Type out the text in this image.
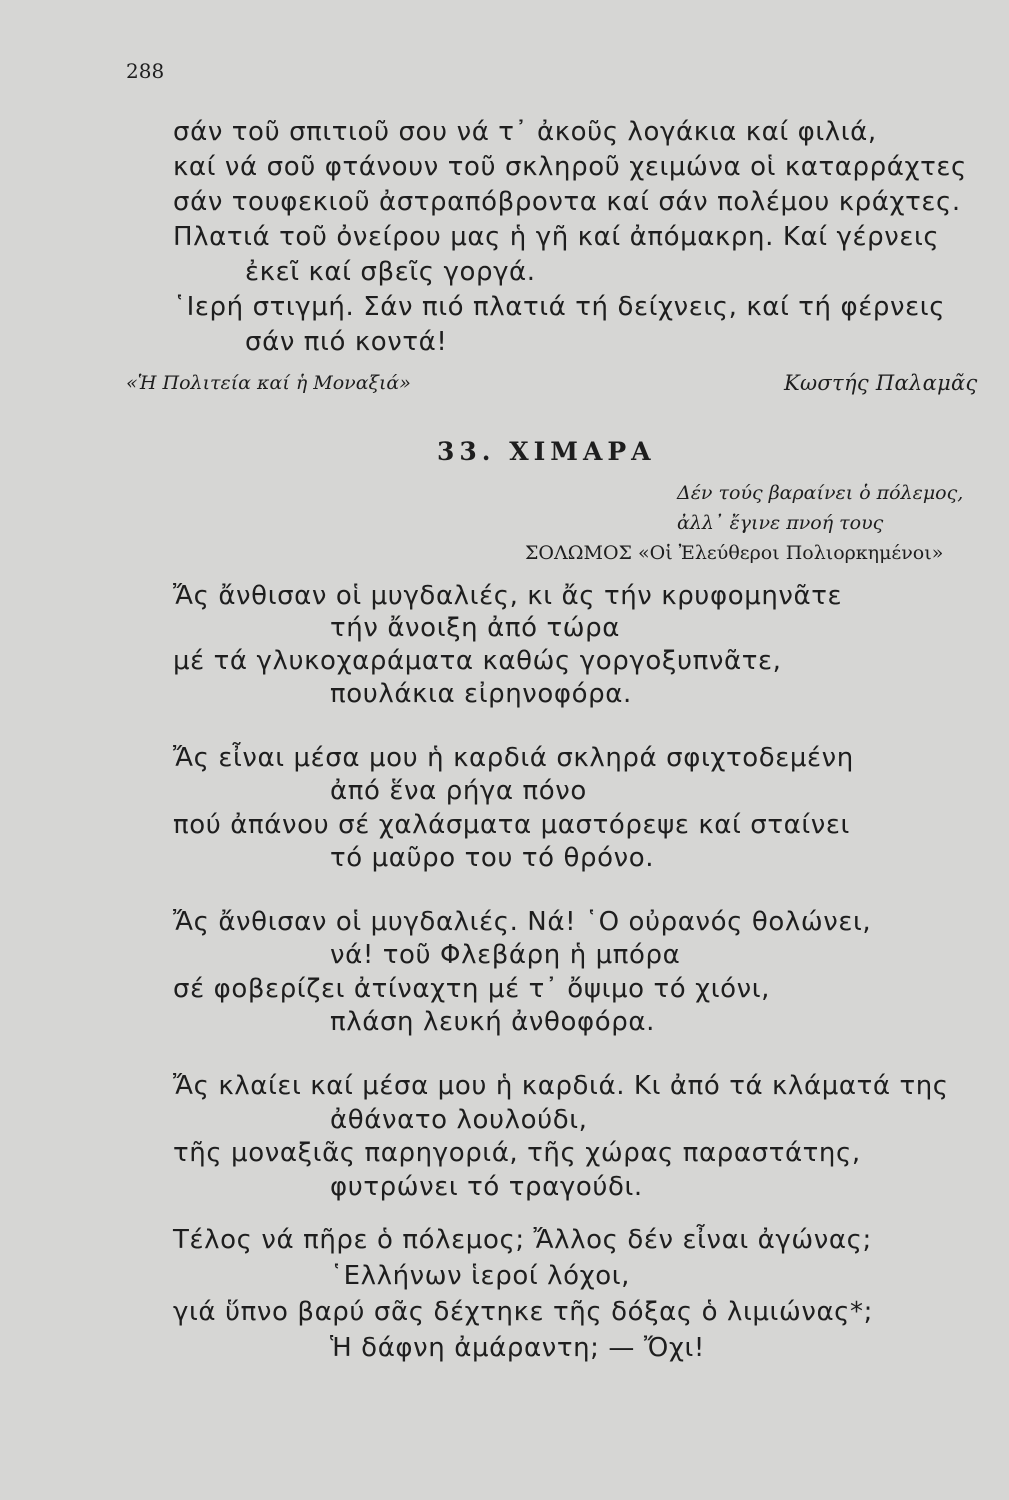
288
σάν τοῦ σπιτιοῦ σου νά τ᾽ ἀκοῦς λογάκια καί φιλιά,
καί νά σοῦ φτάνουν τοῦ σκληροῦ χειμώνα οἱ καταρράχτες
σάν τουφεκιοῦ ἀστραπόβροντα καί σάν πολέμου κράχτες.
Πλατιά τοῦ ὀνείρου μας ἡ γῆ καί ἀπόμακρη. Καί γέρνεις
ἐκεῖ καί σβεῖς γοργά.
῾Ιερή στιγμή. Σάν πιό πλατιά τή δείχνεις, καί τή φέρνεις
σάν πιό κοντά!
«Ἡ Πολιτεία καί ἡ Μοναξιά»	Κωστής Παλαμᾶς
33. ΧΙΜΑΡΑ
Δέν τούς βαραίνει ὁ πόλεμος,
ἀλλ᾽ ἔγινε πνοή τους
ΣΟΛΩΜΟΣ «Οἱ Ἐλεύθεροι Πολιορκημένοι»
Ἄς ἄνθισαν οἱ μυγδαλιές, κι ἄς τήν κρυφομηνᾶτε
τήν ἄνοιξη ἀπό τώρα
μέ τά γλυκοχαράματα καθώς γοργοξυπνᾶτε,
πουλάκια εἰρηνοφόρα.
Ἄς εἶναι μέσα μου ἡ καρδιά σκληρά σφιχτοδεμένη
ἀπό ἕνα ρήγα πόνο
πού ἀπάνου σέ χαλάσματα μαστόρεψε καί σταίνει
τό μαῦρο του τό θρόνο.
Ἄς ἄνθισαν οἱ μυγδαλιές. Νά! ῾Ο οὐρανός θολώνει,
νά! τοῦ Φλεβάρη ἡ μπόρα
σέ φοβερίζει ἀτίναχτη μέ τ᾽ ὄψιμο τό χιόνι,
πλάση λευκή ἀνθοφόρα.
Ἄς κλαίει καί μέσα μου ἡ καρδιά. Κι ἀπό τά κλάματά της
ἀθάνατο λουλούδι,
τῆς μοναξιᾶς παρηγοριά, τῆς χώρας παραστάτης,
φυτρώνει τό τραγούδι.
Τέλος νά πῆρε ὁ πόλεμος; Ἄλλος δέν εἶναι ἀγώνας;
῾Ελλήνων ἱεροί λόχοι,
γιά ὕπνο βαρύ σᾶς δέχτηκε τῆς δόξας ὁ λιμιώνας*;
Ἡ δάφνη ἀμάραντη; — Ὄχι!
